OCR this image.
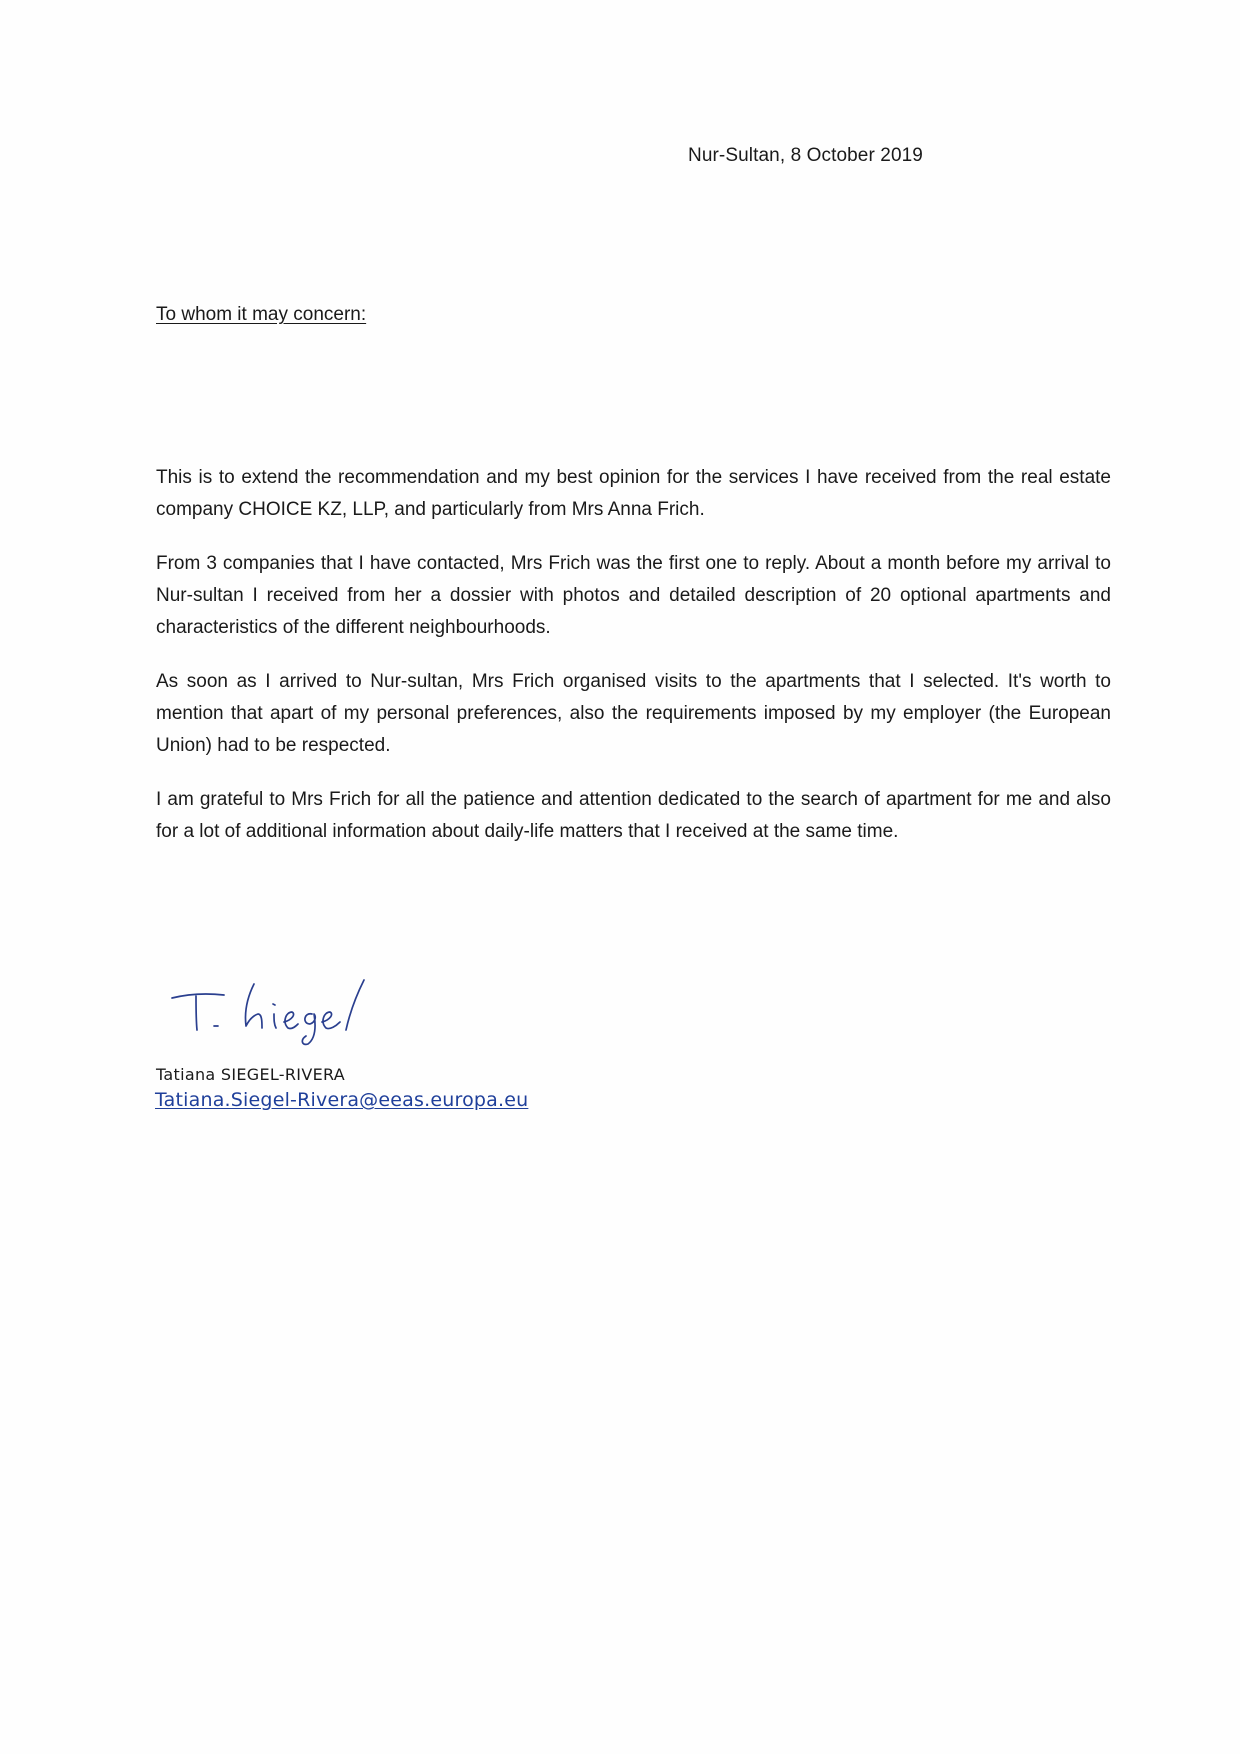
Nur-Sultan, 8 October 2019
To whom it may concern:

This is to extend the recommendation and my best opinion for the services I have received from the real estate company CHOICE KZ, LLP, and particularly from Mrs Anna Frich.

From 3 companies that I have contacted, Mrs Frich was the first one to reply. About a month before my arrival to Nur-sultan I received from her a dossier with photos and detailed description of 20 optional apartments and characteristics of the different neighbourhoods.

As soon as I arrived to Nur-sultan, Mrs Frich organised visits to the apartments that I selected. It's worth to mention that apart of my personal preferences, also the requirements imposed by my employer (the European Union) had to be respected.

I am grateful to Mrs Frich for all the patience and attention dedicated to the search of apartment for me and also for a lot of additional information about daily-life matters that I received at the same time.

Tatiana SIEGEL-RIVERA
Tatiana.Siegel-Rivera@eeas.europa.eu
